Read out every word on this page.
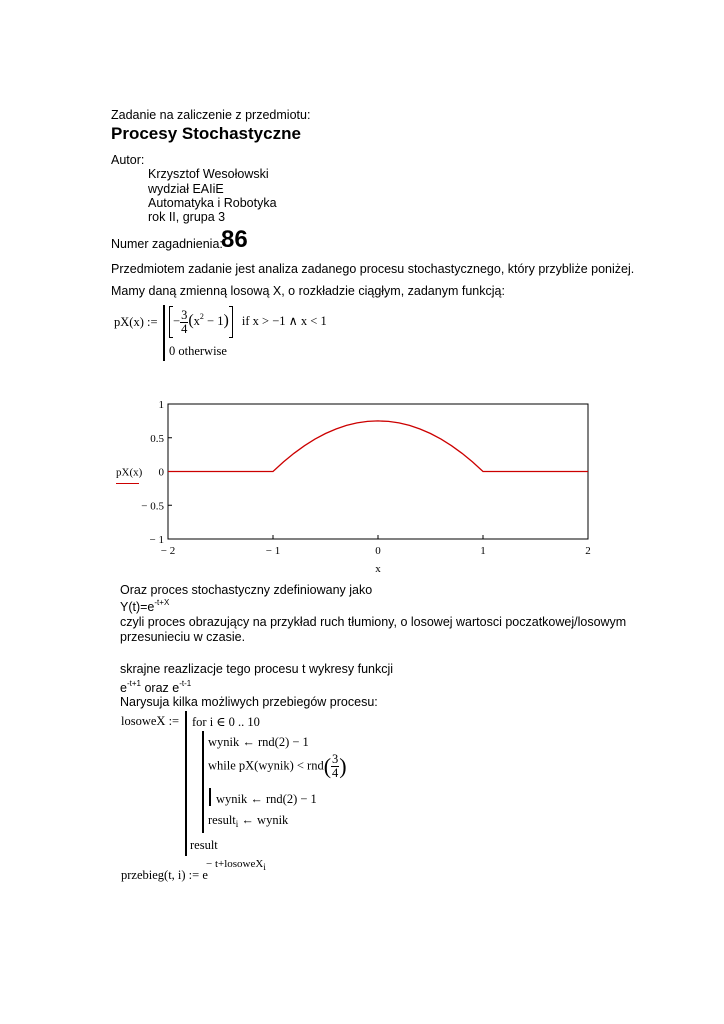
Zadanie na zaliczenie z przedmiotu:
Procesy Stochastyczne
Autor:
Krzysztof Wesołowski
wydział EAIiE
Automatyka i Robotyka
rok II, grupa 3
Numer zagadnienia:
86
Przedmiotem zadanie jest analiza zadanego procesu stochastycznego, który przybliże poniżej.
Mamy daną zmienną losową X, o rozkładzie ciągłym, zadanym funkcją:
pX(x) :=	− $\frac{3}{4} (x^2 - 1)$ if x > −1 ∧ x < 1
0 otherwise
1
0.5
0
− 0.5
− 1
− 2	− 1	0	1	2
x
pX(x)
Oraz proces stochastyczny zdefiniowany jako
$Y(t)=e^{-t+X}$
czyli proces obrazujący na przykład ruch tłumiony, o losowej wartosci poczatkowej/losowym
przesunieciu w czasie.
skrajne reazlizacje tego procesu t wykresy funkcji
$e^{-t+1}$ oraz $e^{-t-1}$
Narysuja kilka możliwych przebiegów procesu:
losoweX := for i ∈ 0 .. 10
wynik ← rnd(2) − 1
while pX(wynik) < $rnd( \frac{3}{4}$ )
wynik ← rnd(2) − 1
result$_i$ ← wynik
result
przebieg(t, i) := e
− t+losoweX$_i$
